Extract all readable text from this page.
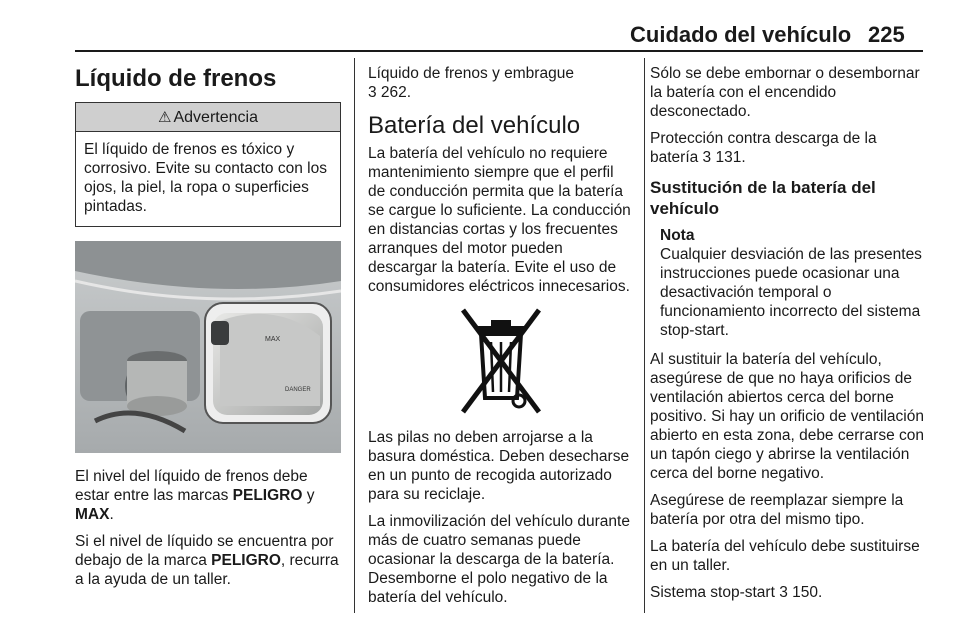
Cuidado del vehículo 225
Líquido de frenos
⚠ Advertencia
El líquido de frenos es tóxico y corrosivo. Evite su contacto con los ojos, la piel, la ropa o superficies pintadas.
MAX
DANGER

El nivel del líquido de frenos debe estar entre las marcas PELIGRO y MAX.

Si el nivel de líquido se encuentra por debajo de la marca PELIGRO, recurra a la ayuda de un taller.

Líquido de frenos y embrague
3 262.

Batería del vehículo

La batería del vehículo no requiere mantenimiento siempre que el perfil de conducción permita que la batería se cargue lo suficiente. La conducción en distancias cortas y los frecuentes arranques del motor pueden descargar la batería. Evite el uso de consumidores eléctricos innecesarios.

Las pilas no deben arrojarse a la basura doméstica. Deben desecharse en un punto de recogida autorizado para su reciclaje.

La inmovilización del vehículo durante más de cuatro semanas puede ocasionar la descarga de la batería. Desemborne el polo negativo de la batería del vehículo.

Sólo se debe embornar o desembornar la batería con el encendido desconectado.

Protección contra descarga de la batería 3 131.

Sustitución de la batería del vehículo
Nota

Cualquier desviación de las presentes instrucciones puede ocasionar una desactivación temporal o funcionamiento incorrecto del sistema stop-start.

Al sustituir la batería del vehículo, asegúrese de que no haya orificios de ventilación abiertos cerca del borne positivo. Si hay un orificio de ventilación abierto en esta zona, debe cerrarse con un tapón ciego y abrirse la ventilación cerca del borne negativo.

Asegúrese de reemplazar siempre la batería por otra del mismo tipo.

La batería del vehículo debe sustituirse en un taller.

Sistema stop-start 3 150.
